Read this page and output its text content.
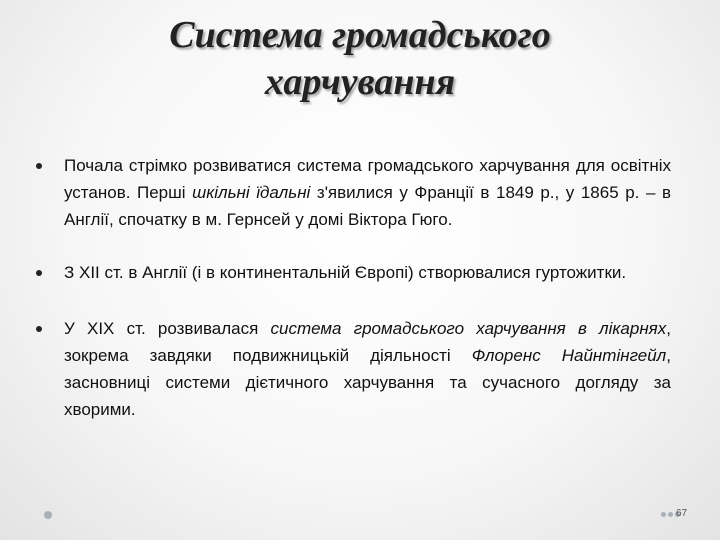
Система громадського
харчування
Почала стрімко розвиватися система громадського харчування для освітніх установ. Перші шкільні їдальні з'явилися у Франції в 1849 р., у 1865 р. – в Англії, спочатку в м. Гернсей у домі Віктора Гюго.
З XII ст. в Англії (і в континентальній Європі) створювалися гуртожитки.
У XIX ст. розвивалася система громадського харчування в лікарнях, зокрема завдяки подвижницькій діяльності Флоренс Найнтінгейл, засновниці системи дієтичного харчування та сучасного догляду за хворими.
67
